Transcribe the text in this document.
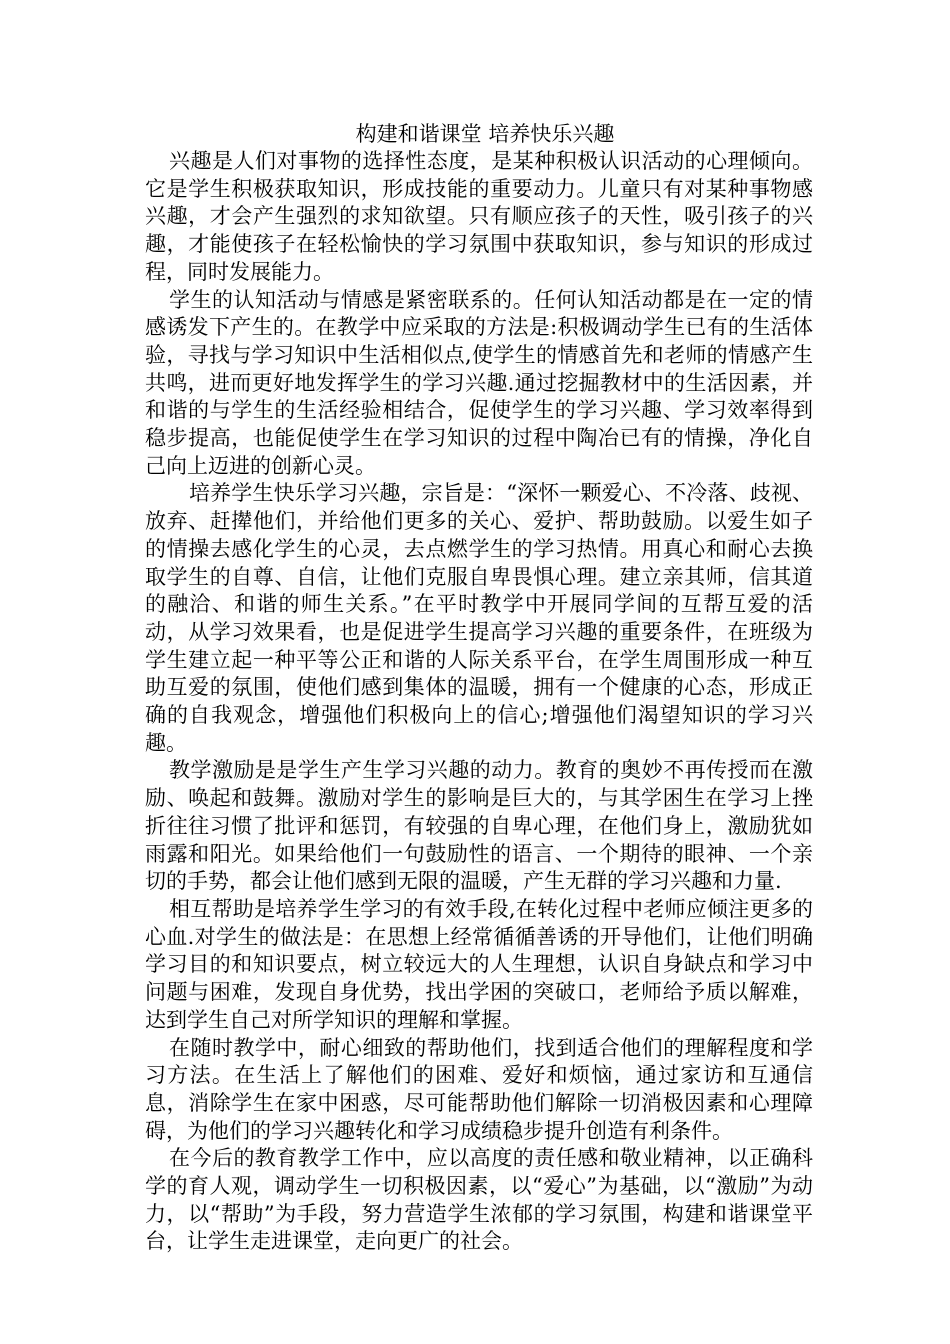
构建和谐课堂 培养快乐兴趣

兴趣是人们对事物的选择性态度，是某种积极认识活动的心理倾向。它是学生积极获取知识，形成技能的重要动力。儿童只有对某种事物感兴趣，才会产生强烈的求知欲望。只有顺应孩子的天性，吸引孩子的兴趣，才能使孩子在轻松愉快的学习氛围中获取知识，参与知识的形成过程，同时发展能力。

学生的认知活动与情感是紧密联系的。任何认知活动都是在一定的情感诱发下产生的。在教学中应采取的方法是:积极调动学生已有的生活体验，寻找与学习知识中生活相似点,使学生的情感首先和老师的情感产生共鸣，进而更好地发挥学生的学习兴趣.通过挖掘教材中的生活因素，并和谐的与学生的生活经验相结合，促使学生的学习兴趣、学习效率得到稳步提高，也能促使学生在学习知识的过程中陶冶已有的情操，净化自己向上迈进的创新心灵。

培养学生快乐学习兴趣，宗旨是：“深怀一颗爱心、不冷落、歧视、放弃、赶撵他们，并给他们更多的关心、爱护、帮助鼓励。以爱生如子的情操去感化学生的心灵，去点燃学生的学习热情。用真心和耐心去换取学生的自尊、自信，让他们克服自卑畏惧心理。建立亲其师，信其道的融洽、和谐的师生关系。”在平时教学中开展同学间的互帮互爱的活动，从学习效果看，也是促进学生提高学习兴趣的重要条件，在班级为学生建立起一种平等公正和谐的人际关系平台，在学生周围形成一种互助互爱的氛围，使他们感到集体的温暖，拥有一个健康的心态，形成正确的自我观念，增强他们积极向上的信心;增强他们渴望知识的学习兴趣。

教学激励是是学生产生学习兴趣的动力。教育的奥妙不再传授而在激励、唤起和鼓舞。激励对学生的影响是巨大的，与其学困生在学习上挫折往往习惯了批评和惩罚，有较强的自卑心理，在他们身上，激励犹如雨露和阳光。如果给他们一句鼓励性的语言、一个期待的眼神、一个亲切的手势，都会让他们感到无限的温暖，产生无群的学习兴趣和力量.

相互帮助是培养学生学习的有效手段,在转化过程中老师应倾注更多的心血.对学生的做法是：在思想上经常循循善诱的开导他们，让他们明确学习目的和知识要点，树立较远大的人生理想，认识自身缺点和学习中问题与困难，发现自身优势，找出学困的突破口，老师给予质以解难，达到学生自己对所学知识的理解和掌握。

在随时教学中，耐心细致的帮助他们，找到适合他们的理解程度和学习方法。在生活上了解他们的困难、爱好和烦恼，通过家访和互通信息，消除学生在家中困惑，尽可能帮助他们解除一切消极因素和心理障碍，为他们的学习兴趣转化和学习成绩稳步提升创造有利条件。

在今后的教育教学工作中，应以高度的责任感和敬业精神，以正确科学的育人观，调动学生一切积极因素，以“爱心”为基础，以“激励”为动力，以“帮助”为手段，努力营造学生浓郁的学习氛围，构建和谐课堂平台，让学生走进课堂，走向更广的社会。
